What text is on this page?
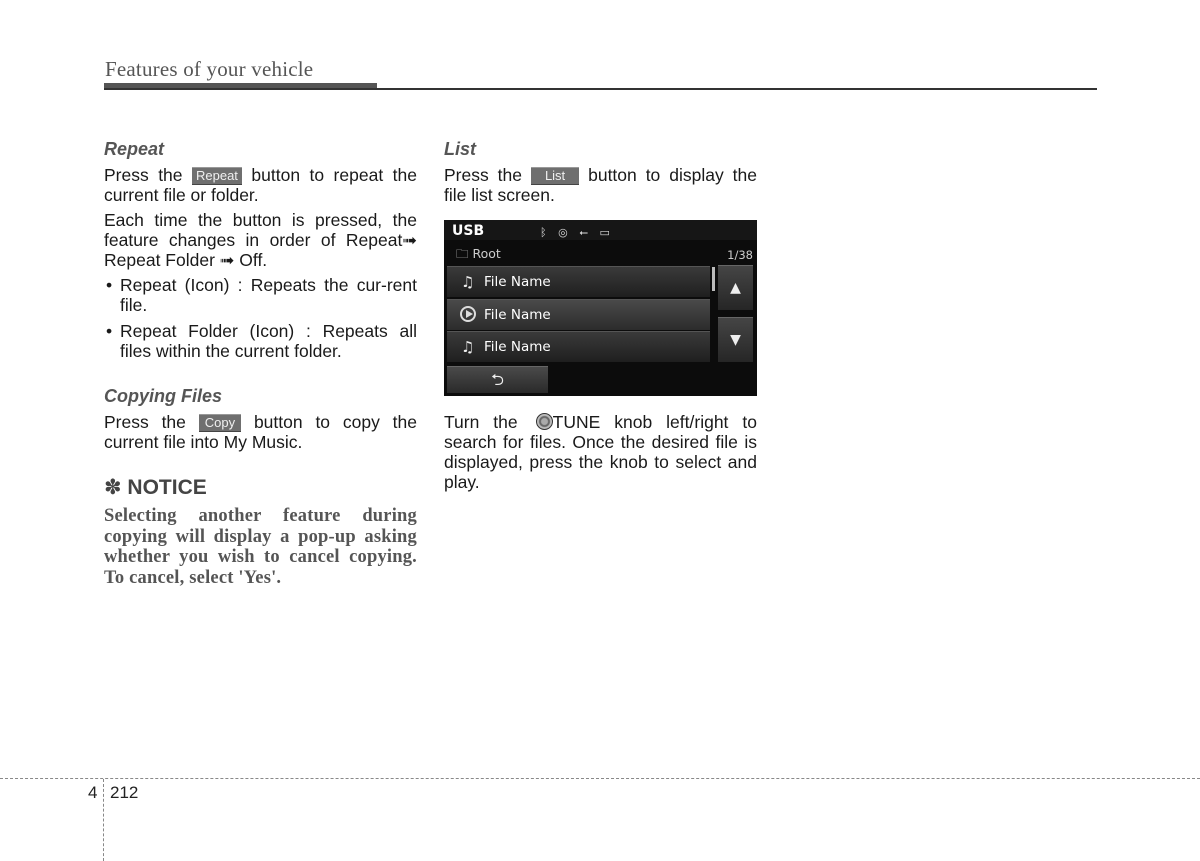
Features of your vehicle
Repeat

Press the Repeat button to repeat the current file or folder.

Each time the button is pressed, the feature changes in order of Repeat➟ Repeat Folder ➟ Off.

• Repeat (Icon) : Repeats the cur-rent file.
• Repeat Folder (Icon) : Repeats all files within the current folder.
Copying Files

Press the Copy button to copy the current file into My Music.

✽ NOTICE
Selecting another feature during copying will display a pop-up asking whether you wish to cancel copying. To cancel, select 'Yes'.
List

Press the List button to display the file list screen.

USB	ᛒ ◎ ⭠ ▭
🗀 Root	1/38
♫ File Name
File Name
♫ File Name
▲
▼
⮌

Turn the TUNE knob left/right to search for files. Once the desired file is displayed, press the knob to select and play.

4 212
